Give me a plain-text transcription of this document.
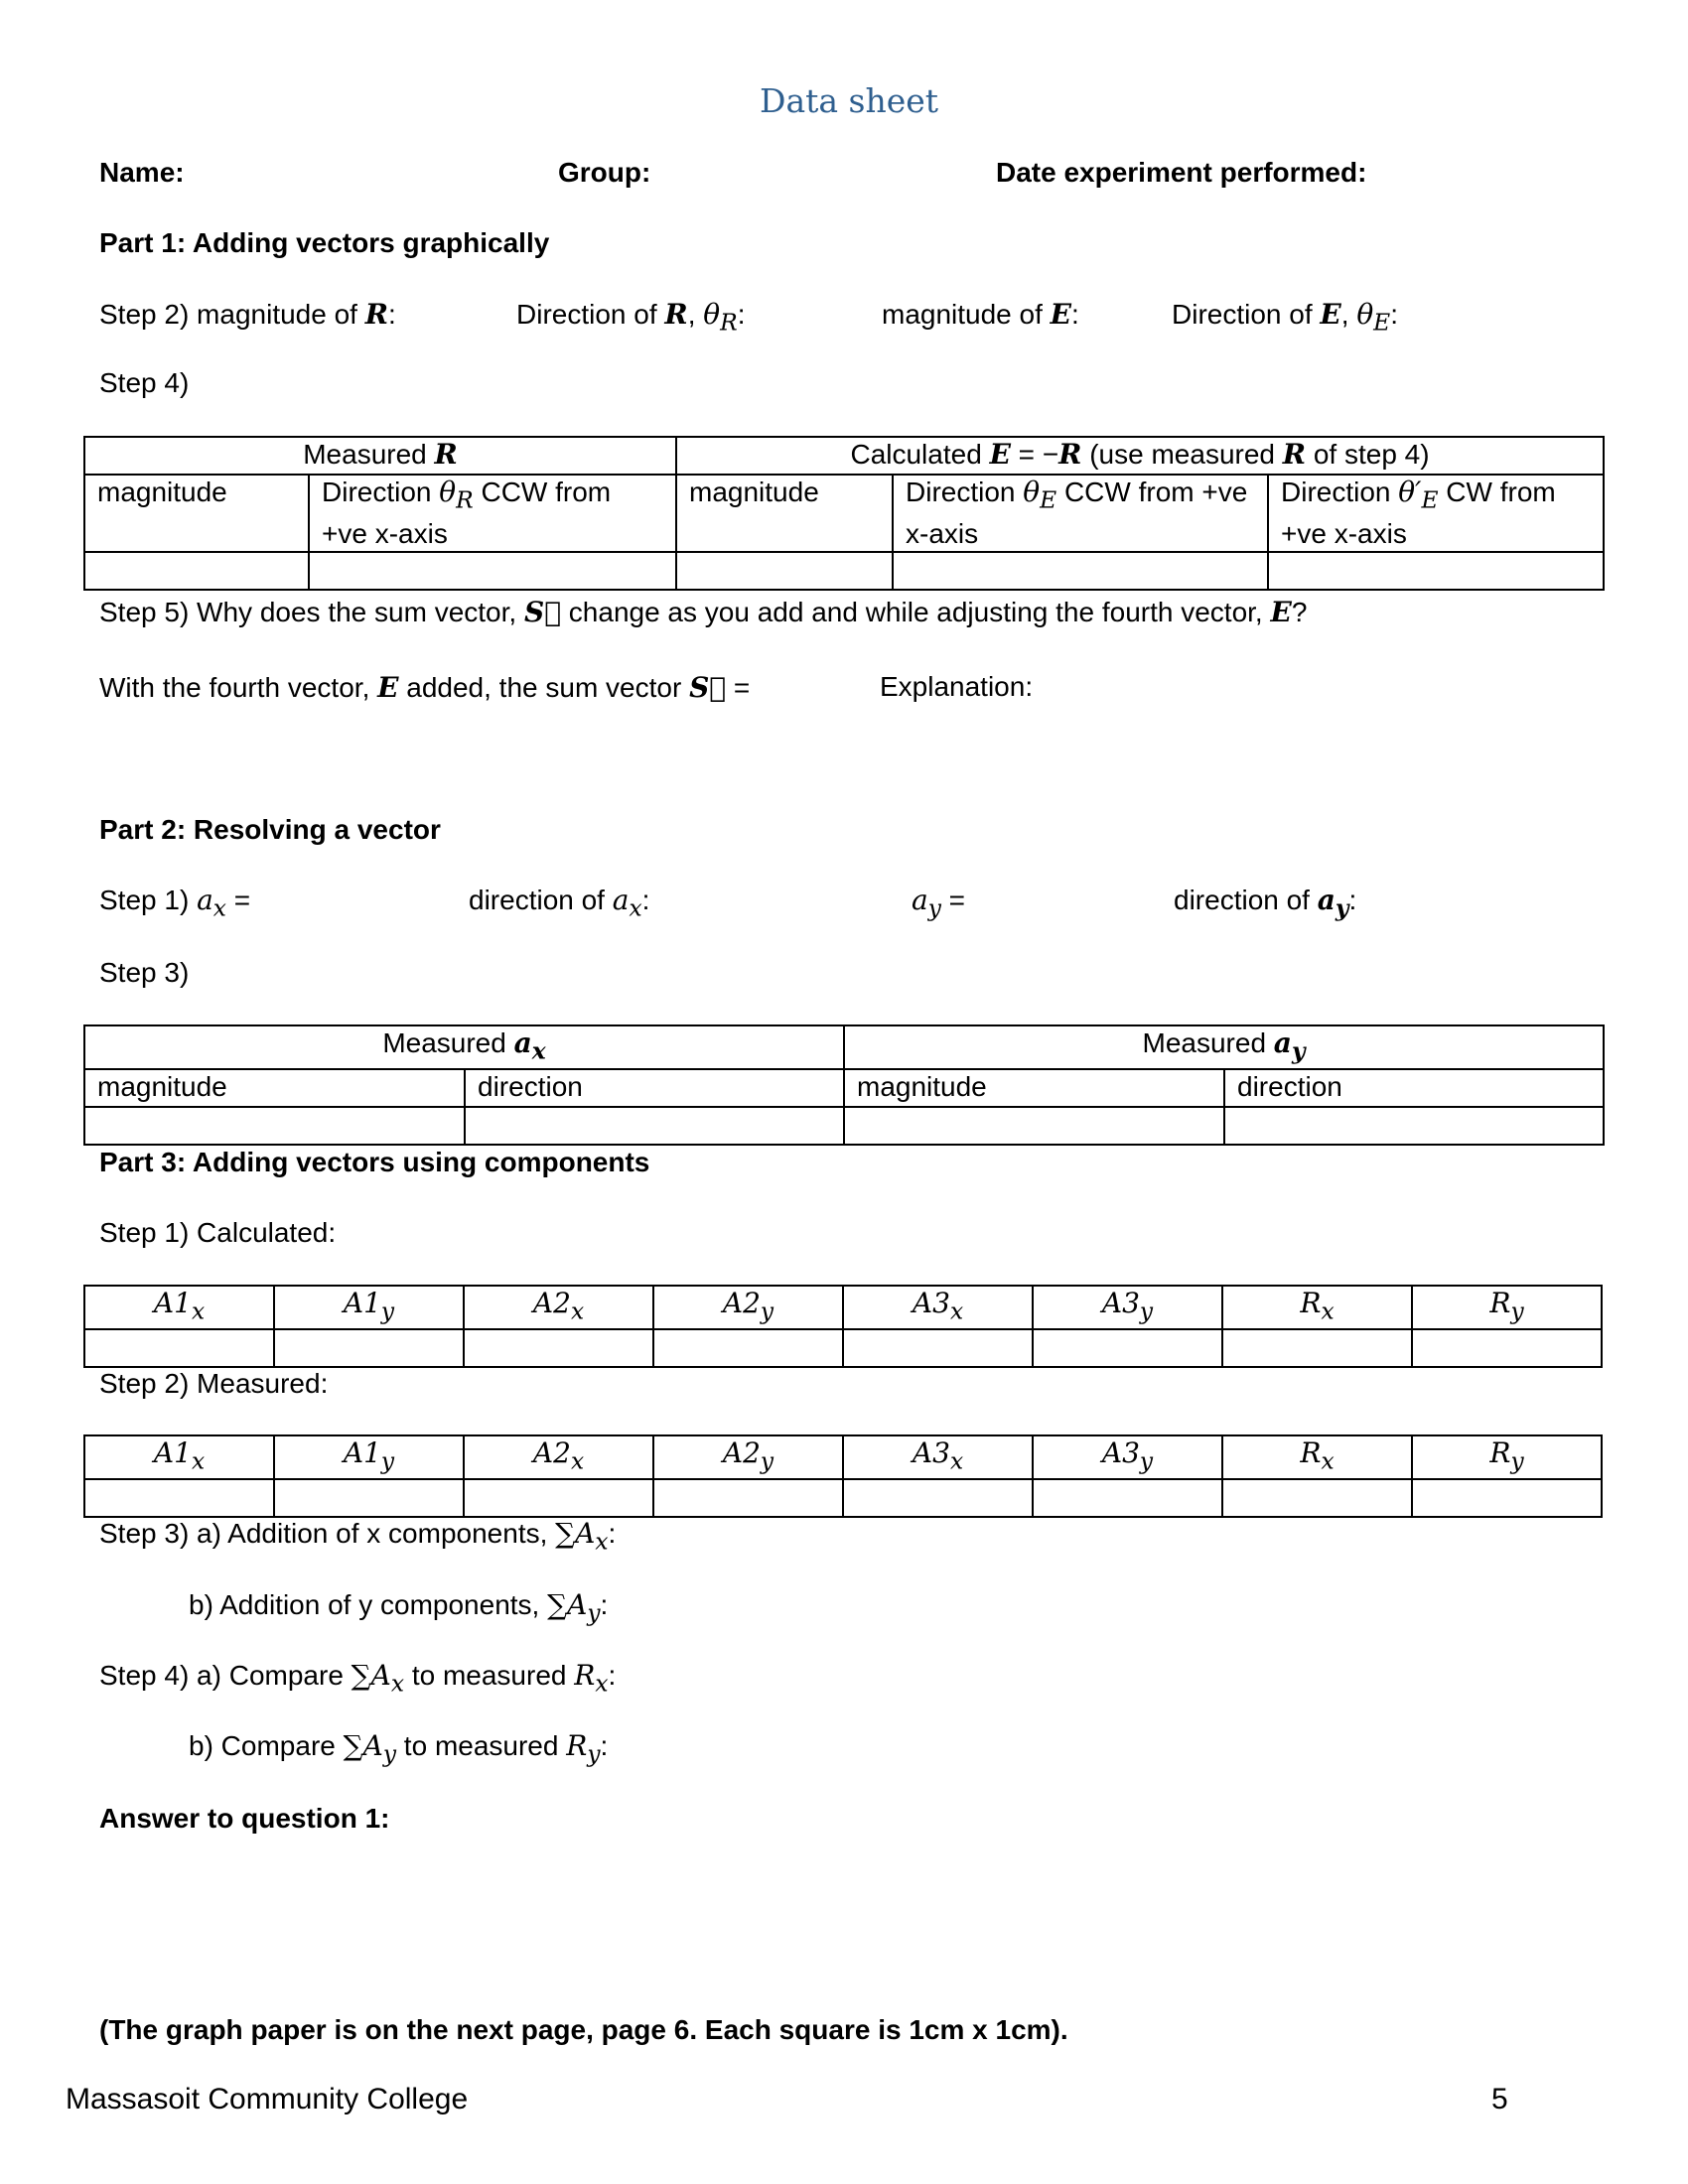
Data sheet
Name:	Group:	Date experiment performed:
Part 1: Adding vectors graphically
Step 2) magnitude of R:	Direction of R, $\theta_R$:	magnitude of E:	Direction of E, $\theta_E$:
Step 4)
Measured R		Calculated E = −R (use measured R of step 4)		
magnitude	Direction $\theta_R$ CCW from +ve x-axis	magnitude	Direction $\theta_E$ CCW from +ve x-axis	Direction $\theta'_E$ CW from +ve x-axis

Step 5) Why does the sum vector, S⃗ change as you add and while adjusting the fourth vector, E?
With the fourth vector, E added, the sum vector S⃗ =	Explanation:
Part 2: Resolving a vector
Step 1) $a_x$ =	direction of $a_x$:	$a_y$ =	direction of $a_y$:
Step 3)
Measured $a_x$		Measured $a_y$
magnitude	direction	magnitude	direction

Part 3: Adding vectors using components
Step 1) Calculated:
$A1_x$	$A1_y$	$A2_x$	$A2_y$	$A3_x$	$A3_y$	$R_x$	$R_y$

Step 2) Measured:
$A1_x$	$A1_y$	$A2_x$	$A2_y$	$A3_x$	$A3_y$	$R_x$	$R_y$

Step 3) a) Addition of x components, $\sum A_x$:
b) Addition of y components, $\sum A_y$:
Step 4) a) Compare $\sum A_x$ to measured $R_x$:
b) Compare $\sum A_y$ to measured $R_y$:
Answer to question 1:
(The graph paper is on the next page, page 6. Each square is 1cm x 1cm).
Massasoit Community College	5
